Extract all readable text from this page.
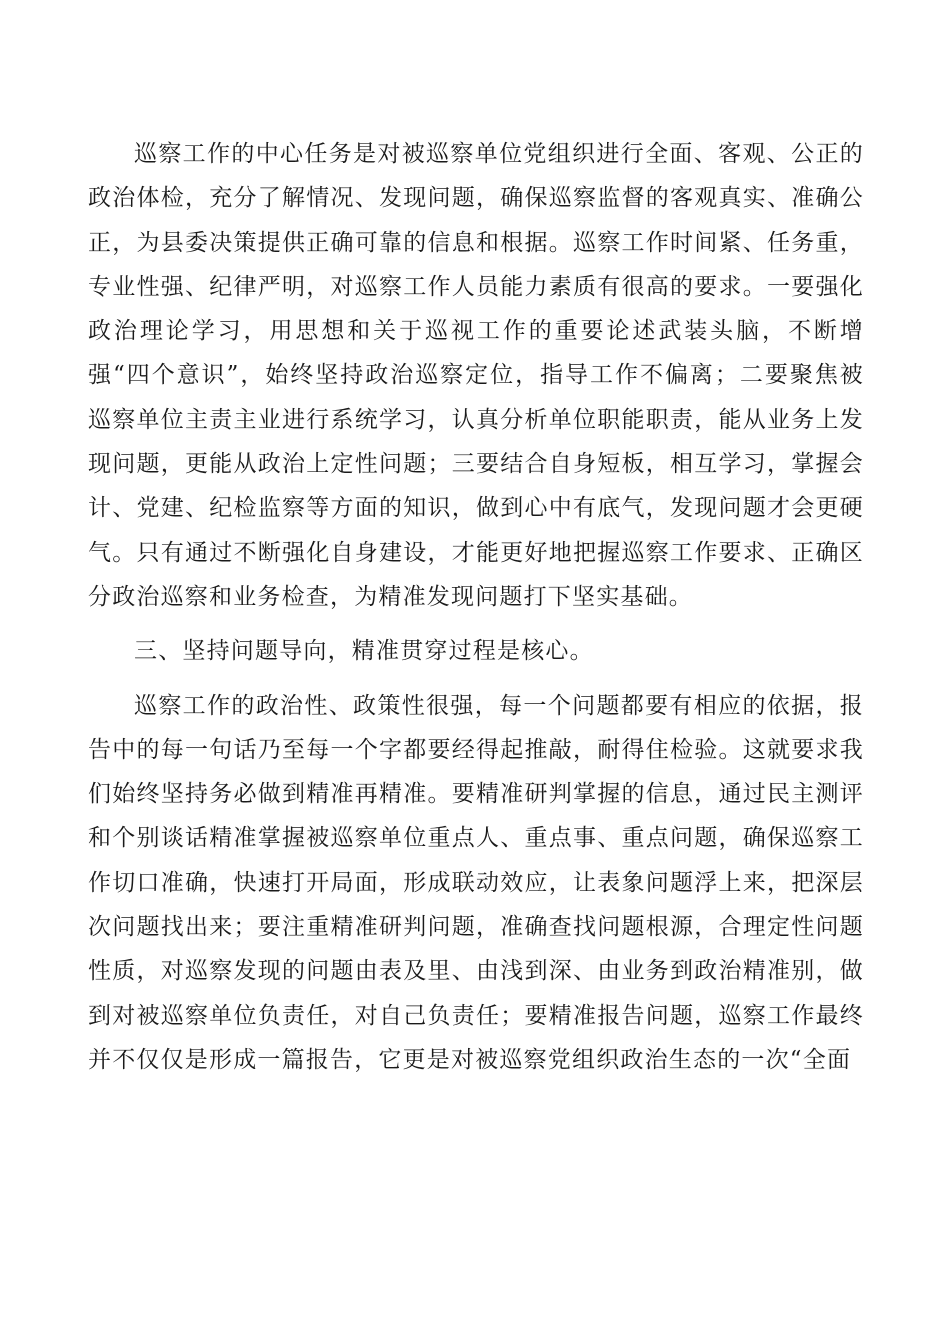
巡察工作的中心任务是对被巡察单位党组织进行全面、客观、公正的政治体检，充分了解情况、发现问题，确保巡察监督的客观真实、准确公正，为县委决策提供正确可靠的信息和根据。巡察工作时间紧、任务重，专业性强、纪律严明，对巡察工作人员能力素质有很高的要求。一要强化政治理论学习，用思想和关于巡视工作的重要论述武装头脑，不断增强“四个意识”，始终坚持政治巡察定位，指导工作不偏离；二要聚焦被巡察单位主责主业进行系统学习，认真分析单位职能职责，能从业务上发现问题，更能从政治上定性问题；三要结合自身短板，相互学习，掌握会计、党建、纪检监察等方面的知识，做到心中有底气，发现问题才会更硬气。只有通过不断强化自身建设，才能更好地把握巡察工作要求、正确区分政治巡察和业务检查，为精准发现问题打下坚实基础。

三、坚持问题导向，精准贯穿过程是核心。

巡察工作的政治性、政策性很强，每一个问题都要有相应的依据，报告中的每一句话乃至每一个字都要经得起推敲，耐得住检验。这就要求我们始终坚持务必做到精准再精准。要精准研判掌握的信息，通过民主测评和个别谈话精准掌握被巡察单位重点人、重点事、重点问题，确保巡察工作切口准确，快速打开局面，形成联动效应，让表象问题浮上来，把深层次问题找出来；要注重精准研判问题，准确查找问题根源，合理定性问题性质，对巡察发现的问题由表及里、由浅到深、由业务到政治精准别，做到对被巡察单位负责任，对自己负责任；要精准报告问题，巡察工作最终并不仅仅是形成一篇报告，它更是对被巡察党组织政治生态的一次“全面
